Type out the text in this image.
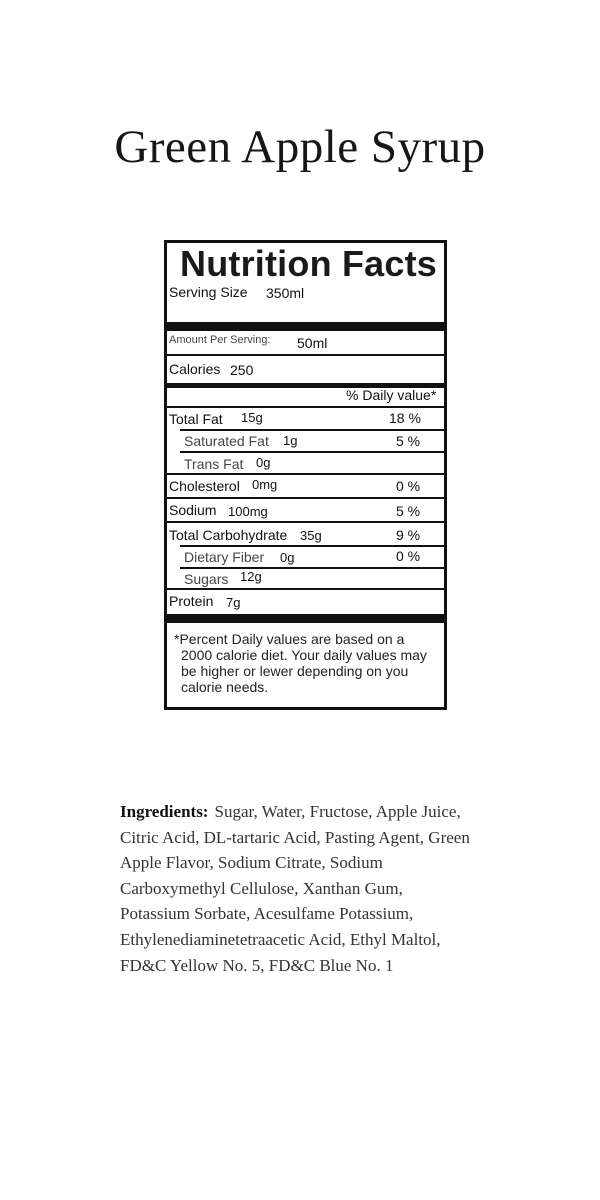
Green Apple Syrup
Nutrition Facts
Serving Size 350ml
Amount Per Serving: 50ml
Calories 250
% Daily value*
Total Fat 15g	18 %
Saturated Fat 1g	5 %
Trans Fat 0g
Cholesterol 0mg	0 %
Sodium 100mg	5 %
Total Carbohydrate 35g	9 %
Dietary Fiber 0g	0 %
Sugars 12g
Protein 7g
*Percent Daily values are based on a
2000 calorie diet. Your daily values may
be higher or lewer depending on you
calorie needs.
Ingredients: Sugar, Water, Fructose, Apple Juice,
Citric Acid, DL-tartaric Acid, Pasting Agent, Green
Apple Flavor, Sodium Citrate, Sodium
Carboxymethyl Cellulose, Xanthan Gum,
Potassium Sorbate, Acesulfame Potassium,
Ethylenediaminetetraacetic Acid, Ethyl Maltol,
FD&C Yellow No. 5, FD&C Blue No. 1
